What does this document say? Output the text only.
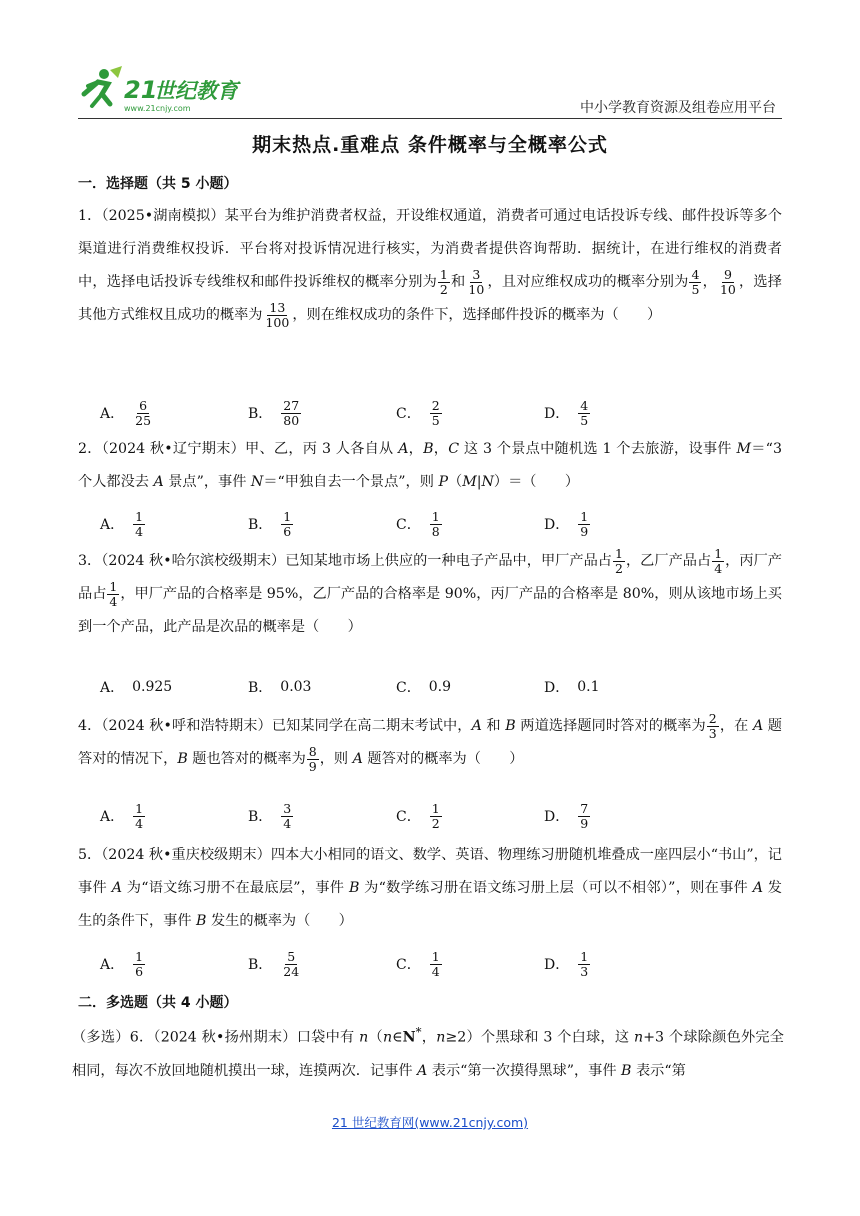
21
世纪教育
www.21cnjy.com	中小学教育资源及组卷应用平台
期末热点.重难点 条件概率与全概率公式
一．选择题（共 5 小题）
1．（2025•湖南模拟）某平台为维护消费者权益，开设维权通道，消费者可通过电话投诉专线、邮件投诉等多个渠道进行消费维权投诉．平台将对投诉情况进行核实，为消费者提供咨询帮助．据统计，在进行维权的消费者中，选择电话投诉专线维权和邮件投诉维权的概率分别为 $\frac{1}{2}$ 和 $\frac{3}{10}$ ，且对应维权成功的概率分别为 $\frac{4}{5}$ ， $\frac{9}{10}$ ，选择其他方式维权且成功的概率为 $\frac{13}{100}$ ，则在维权成功的条件下，选择邮件投诉的概率为（　　）
A． $\frac{6}{25}$	B． $\frac{27}{80}$	C． $\frac{2}{5}$	D． $\frac{4}{5}$
2．（2024 秋•辽宁期末）甲、乙，丙 3 人各自从 A，B，C 这 3 个景点中随机选 1 个去旅游，设事件 M＝“3 个人都没去 A 景点”，事件 N＝“甲独自去一个景点”，则 P（M|N）＝（　　）
A． $\frac{1}{4}$	B． $\frac{1}{6}$	C． $\frac{1}{8}$	D． $\frac{1}{9}$
3．（2024 秋•哈尔滨校级期末）已知某地市场上供应的一种电子产品中，甲厂产品占 $\frac{1}{2}$ ，乙厂产品占 $\frac{1}{4}$ ，丙厂产品占 $\frac{1}{4}$ ，甲厂产品的合格率是 95%，乙厂产品的合格率是 90%，丙厂产品的合格率是 80%，则从该地市场上买到一个产品，此产品是次品的概率是（　　）
A． 0.925	B． 0.03	C． 0.9	D． 0.1
4．（2024 秋•呼和浩特期末）已知某同学在高二期末考试中，A 和 B 两道选择题同时答对的概率为 $\frac{2}{3}$ ，在 A 题答对的情况下，B 题也答对的概率为 $\frac{8}{9}$ ，则 A 题答对的概率为（　　）
A． $\frac{1}{4}$	B． $\frac{3}{4}$	C． $\frac{1}{2}$	D． $\frac{7}{9}$
5．（2024 秋•重庆校级期末）四本大小相同的语文、数学、英语、物理练习册随机堆叠成一座四层小“书山”，记事件 A 为“语文练习册不在最底层”，事件 B 为“数学练习册在语文练习册上层（可以不相邻）”，则在事件 A 发生的条件下，事件 B 发生的概率为（　　）
A． $\frac{1}{6}$	B． $\frac{5}{24}$	C． $\frac{1}{4}$	D． $\frac{1}{3}$
二．多选题（共 4 小题）
（多选）6．（2024 秋•扬州期末）口袋中有 n（n∈N*，n≥2）个黑球和 3 个白球，这 n+3 个球除颜色外完全相同，每次不放回地随机摸出一球，连摸两次．记事件 A 表示“第一次摸得黑球”，事件 B 表示“第
21 世纪教育网(www.21cnjy.com)
